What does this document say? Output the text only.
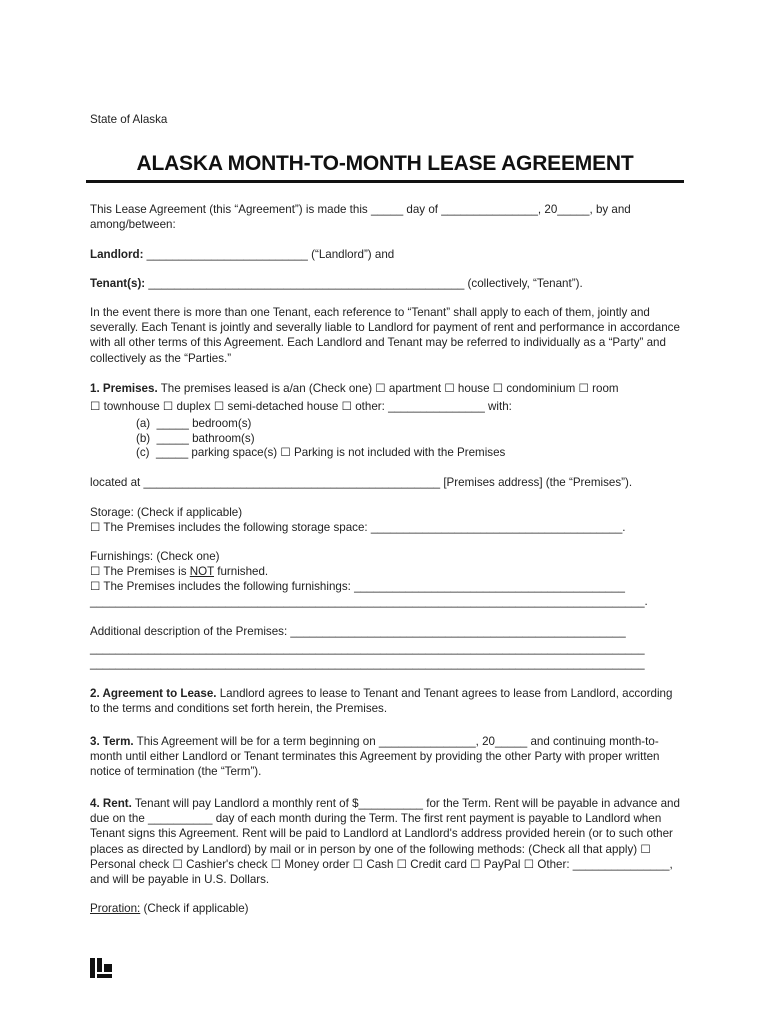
State of Alaska
ALASKA MONTH-TO-MONTH LEASE AGREEMENT

This Lease Agreement (this “Agreement”) is made this _____ day of _______________, 20_____, by and among/between:

Landlord: _________________________ (“Landlord”) and

Tenant(s): _________________________________________________ (collectively, “Tenant”).

In the event there is more than one Tenant, each reference to “Tenant” shall apply to each of them, jointly and severally. Each Tenant is jointly and severally liable to Landlord for payment of rent and performance in accordance with all other terms of this Agreement. Each Landlord and Tenant may be referred to individually as a “Party” and collectively as the “Parties.”

1. Premises. The premises leased is a/an (Check one) ☐ apartment ☐ house ☐ condominium ☐ room

☐ townhouse ☐ duplex ☐ semi-detached house ☐ other: _______________ with:

(a)  _____ bedroom(s)

(b)  _____ bathroom(s)

(c)  _____ parking space(s) ☐ Parking is not included with the Premises

located at ______________________________________________ [Premises address] (the “Premises”).

Storage: (Check if applicable)

☐ The Premises includes the following storage space: _______________________________________.

Furnishings: (Check one)

☐ The Premises is NOT furnished.

☐ The Premises includes the following furnishings: __________________________________________

______________________________________________________________________________________.

Additional description of the Premises: ____________________________________________________

______________________________________________________________________________________

______________________________________________________________________________________

2. Agreement to Lease. Landlord agrees to lease to Tenant and Tenant agrees to lease from Landlord, according to the terms and conditions set forth herein, the Premises.

3. Term. This Agreement will be for a term beginning on _______________, 20_____ and continuing month-to-month until either Landlord or Tenant terminates this Agreement by providing the other Party with proper written notice of termination (the “Term”).

4. Rent. Tenant will pay Landlord a monthly rent of $__________ for the Term. Rent will be payable in advance and due on the __________ day of each month during the Term. The first rent payment is payable to Landlord when Tenant signs this Agreement. Rent will be paid to Landlord at Landlord's address provided herein (or to such other places as directed by Landlord) by mail or in person by one of the following methods: (Check all that apply) ☐ Personal check ☐ Cashier's check ☐ Money order ☐ Cash ☐ Credit card ☐ PayPal ☐ Other: _______________, and will be payable in U.S. Dollars.

Proration: (Check if applicable)
